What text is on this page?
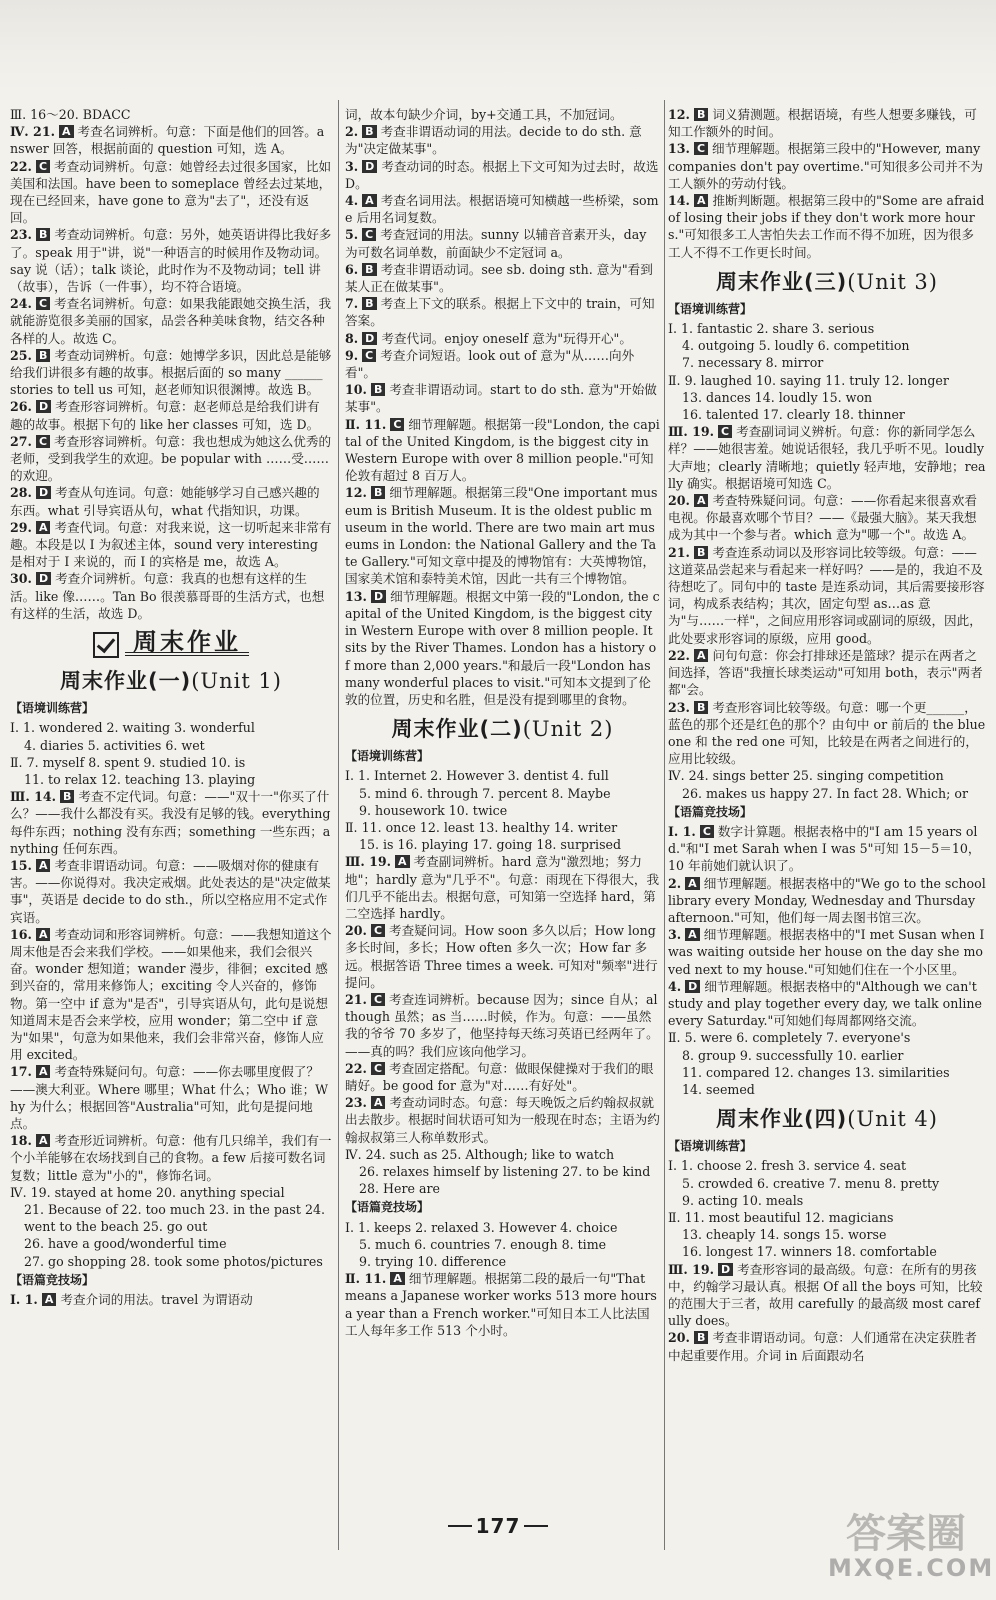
Ⅲ. 16～20. BDACC

Ⅳ. 21. A 考查名词辨析。句意：下面是他们的回答。answer 回答，根据前面的 question 可知，选 A。

22. C 考查动词辨析。句意：她曾经去过很多国家，比如美国和法国。have been to someplace 曾经去过某地，现在已经回来，have gone to 意为"去了"，还没有返回。

23. B 考查动词辨析。句意：另外，她英语讲得比我好多了。speak 用于"讲，说"一种语言的时候用作及物动词。say 说（话）；talk 谈论，此时作为不及物动词；tell 讲（故事），告诉（一件事），均不符合语境。

24. C 考查名词辨析。句意：如果我能跟她交换生活，我就能游览很多美丽的国家，品尝各种美味食物，结交各种各样的人。故选 C。

25. B 考查动词辨析。句意：她博学多识，因此总是能够给我们讲很多有趣的故事。根据后面的 so many ______ stories to tell us 可知，赵老师知识很渊博。故选 B。

26. D 考查形容词辨析。句意：赵老师总是给我们讲有趣的故事。根据下句的 like her classes 可知，选 D。

27. C 考查形容词辨析。句意：我也想成为她这么优秀的老师，受到我学生的欢迎。be popular with ……受……的欢迎。

28. D 考查从句连词。句意：她能够学习自己感兴趣的东西。what 引导宾语从句，what 代指知识，功课。

29. A 考查代词。句意：对我来说，这一切听起来非常有趣。本段是以 I 为叙述主体，sound very interesting 是相对于 I 来说的，而 I 的宾格是 me，故选 A。

30. D 考查介词辨析。句意：我真的也想有这样的生活。like 像……。Tan Bo 很羡慕哥哥的生活方式，也想有这样的生活，故选 D。

周末作业
周末作业(一)(Unit 1)
【语境训练营】

Ⅰ. 1. wondered 2. waiting 3. wonderful

4. diaries 5. activities 6. wet

Ⅱ. 7. myself 8. spent 9. studied 10. is

11. to relax 12. teaching 13. playing

Ⅲ. 14. B 考查不定代词。句意：——"双十一"你买了什么？——我什么都没有买。我没有足够的钱。everything 每件东西；nothing 没有东西；something 一些东西；anything 任何东西。

15. A 考查非谓语动词。句意：——吸烟对你的健康有害。——你说得对。我决定戒烟。此处表达的是"决定做某事"，英语是 decide to do sth.，所以空格应用不定式作宾语。

16. A 考查动词和形容词辨析。句意：——我想知道这个周末他是否会来我们学校。——如果他来，我们会很兴奋。wonder 想知道；wander 漫步，徘徊；excited 感到兴奋的，常用来修饰人；exciting 令人兴奋的，修饰物。第一空中 if 意为"是否"，引导宾语从句，此句是说想知道周末是否会来学校，应用 wonder；第二空中 if 意为"如果"，句意为如果他来，我们会非常兴奋，修饰人应用 excited。

17. A 考查特殊疑问句。句意：——你去哪里度假了？——澳大利亚。Where 哪里；What 什么；Who 谁；Why 为什么；根据回答"Australia"可知，此句是提问地点。

18. A 考查形近词辨析。句意：他有几只绵羊，我们有一个小羊能够在农场找到自己的食物。a few 后接可数名词复数；little 意为"小的"，修饰名词。

Ⅳ. 19. stayed at home 20. anything special

21. Because of 22. too much 23. in the past 24. went to the beach 25. go out

26. have a good/wonderful time

27. go shopping 28. took some photos/pictures

【语篇竞技场】

Ⅰ. 1. A 考查介词的用法。travel 为谓语动

词，故本句缺少介词，by+交通工具，不加冠词。

2. B 考查非谓语动词的用法。decide to do sth. 意为"决定做某事"。

3. D 考查动词的时态。根据上下文可知为过去时，故选 D。

4. A 考查名词用法。根据语境可知横越一些桥梁，some 后用名词复数。

5. C 考查冠词的用法。sunny 以辅音音素开头，day 为可数名词单数，前面缺少不定冠词 a。

6. B 考查非谓语动词。see sb. doing sth. 意为"看到某人正在做某事"。

7. B 考查上下文的联系。根据上下文中的 train，可知答案。

8. D 考查代词。enjoy oneself 意为"玩得开心"。

9. C 考查介词短语。look out of 意为"从……向外看"。

10. B 考查非谓语动词。start to do sth. 意为"开始做某事"。

Ⅱ. 11. C 细节理解题。根据第一段"London, the capital of the United Kingdom, is the biggest city in Western Europe with over 8 million people."可知伦敦有超过 8 百万人。

12. B 细节理解题。根据第三段"One important museum is British Museum. It is the oldest public museum in the world. There are two main art museums in London: the National Gallery and the Tate Gallery."可知文章中提及的博物馆有：大英博物馆，国家美术馆和泰特美术馆，因此一共有三个博物馆。

13. D 细节理解题。根据文中第一段的"London, the capital of the United Kingdom, is the biggest city in Western Europe with over 8 million people. It sits by the River Thames. London has a history of more than 2,000 years."和最后一段"London has many wonderful places to visit."可知本文提到了伦敦的位置，历史和名胜，但是没有提到哪里的食物。

周末作业(二)(Unit 2)
【语境训练营】

Ⅰ. 1. Internet 2. However 3. dentist 4. full

5. mind 6. through 7. percent 8. Maybe

9. housework 10. twice

Ⅱ. 11. once 12. least 13. healthy 14. writer

15. is 16. playing 17. going 18. surprised

Ⅲ. 19. A 考查副词辨析。hard 意为"激烈地；努力地"；hardly 意为"几乎不"。句意：雨现在下得很大，我们几乎不能出去。根据句意，可知第一空选择 hard，第二空选择 hardly。

20. C 考查疑问词。How soon 多久以后；How long 多长时间，多长；How often 多久一次；How far 多远。根据答语 Three times a week. 可知对"频率"进行提问。

21. C 考查连词辨析。because 因为；since 自从；although 虽然；as 当……时候，作为。句意：——虽然我的爷爷 70 多岁了，他坚持每天练习英语已经两年了。——真的吗？我们应该向他学习。

22. C 考查固定搭配。句意：做眼保健操对于我们的眼睛好。be good for 意为"对……有好处"。

23. A 考查动词时态。句意：每天晚饭之后约翰叔叔就出去散步。根据时间状语可知为一般现在时态；主语为约翰叔叔第三人称单数形式。

Ⅳ. 24. such as 25. Although; like to watch

26. relaxes himself by listening 27. to be kind 28. Here are

【语篇竞技场】

Ⅰ. 1. keeps 2. relaxed 3. However 4. choice

5. much 6. countries 7. enough 8. time

9. trying 10. difference

Ⅱ. 11. A 细节理解题。根据第二段的最后一句"That means a Japanese worker works 513 more hours a year than a French worker."可知日本工人比法国工人每年多工作 513 个小时。

12. B 词义猜测题。根据语境，有些人想要多赚钱，可知工作额外的时间。

13. C 细节理解题。根据第三段中的"However, many companies don't pay overtime."可知很多公司并不为工人额外的劳动付钱。

14. A 推断判断题。根据第三段中的"Some are afraid of losing their jobs if they don't work more hours."可知很多工人害怕失去工作而不得不加班，因为很多工人不得不工作更长时间。

周末作业(三)(Unit 3)
【语境训练营】

Ⅰ. 1. fantastic 2. share 3. serious

4. outgoing 5. loudly 6. competition

7. necessary 8. mirror

Ⅱ. 9. laughed 10. saying 11. truly 12. longer

13. dances 14. loudly 15. won

16. talented 17. clearly 18. thinner

Ⅲ. 19. C 考查副词词义辨析。句意：你的新同学怎么样？——她很害羞。她说话很轻，我几乎听不见。loudly 大声地；clearly 清晰地；quietly 轻声地，安静地；really 确实。根据语境可知选 C。

20. A 考查特殊疑问词。句意：——你看起来很喜欢看电视。你最喜欢哪个节目？——《最强大脑》。某天我想成为其中一个参与者。which 意为"哪一个"。故选 A。

21. B 考查连系动词以及形容词比较等级。句意：——这道菜品尝起来与看起来一样好吗？——是的，我迫不及待想吃了。同句中的 taste 是连系动词，其后需要接形容词，构成系表结构；其次，固定句型 as…as 意为"与……一样"，之间应用形容词或副词的原级，因此，此处要求形容词的原级，应用 good。

22. A 问句句意：你会打排球还是篮球？提示在两者之间选择，答语"我擅长球类运动"可知用 both，表示"两者都"会。

23. B 考查形容词比较等级。句意：哪一个更______，蓝色的那个还是红色的那个？由句中 or 前后的 the blue one 和 the red one 可知，比较是在两者之间进行的，应用比较级。

Ⅳ. 24. sings better 25. singing competition

26. makes us happy 27. In fact 28. Which; or

【语篇竞技场】

Ⅰ. 1. C 数字计算题。根据表格中的"I am 15 years old."和"I met Sarah when I was 5"可知 15－5＝10，10 年前她们就认识了。

2. A 细节理解题。根据表格中的"We go to the school library every Monday, Wednesday and Thursday afternoon."可知，他们每一周去图书馆三次。

3. A 细节理解题。根据表格中的"I met Susan when I was waiting outside her house on the day she moved next to my house."可知她们住在一个小区里。

4. D 细节理解题。根据表格中的"Although we can't study and play together every day, we talk online every Saturday."可知她们每周都网络交流。

Ⅱ. 5. were 6. completely 7. everyone's

8. group 9. successfully 10. earlier

11. compared 12. changes 13. similarities

14. seemed

周末作业(四)(Unit 4)
【语境训练营】

Ⅰ. 1. choose 2. fresh 3. service 4. seat

5. crowded 6. creative 7. menu 8. pretty

9. acting 10. meals

Ⅱ. 11. most beautiful 12. magicians

13. cheaply 14. songs 15. worse

16. longest 17. winners 18. comfortable

Ⅲ. 19. D 考查形容词的最高级。句意：在所有的男孩中，约翰学习最认真。根据 Of all the boys 可知，比较的范围大于三者，故用 carefully 的最高级 most carefully does。

20. B 考查非谓语动词。句意：人们通常在决定获胜者中起重要作用。介词 in 后面跟动名

177	答案圈
MXQE.COM
